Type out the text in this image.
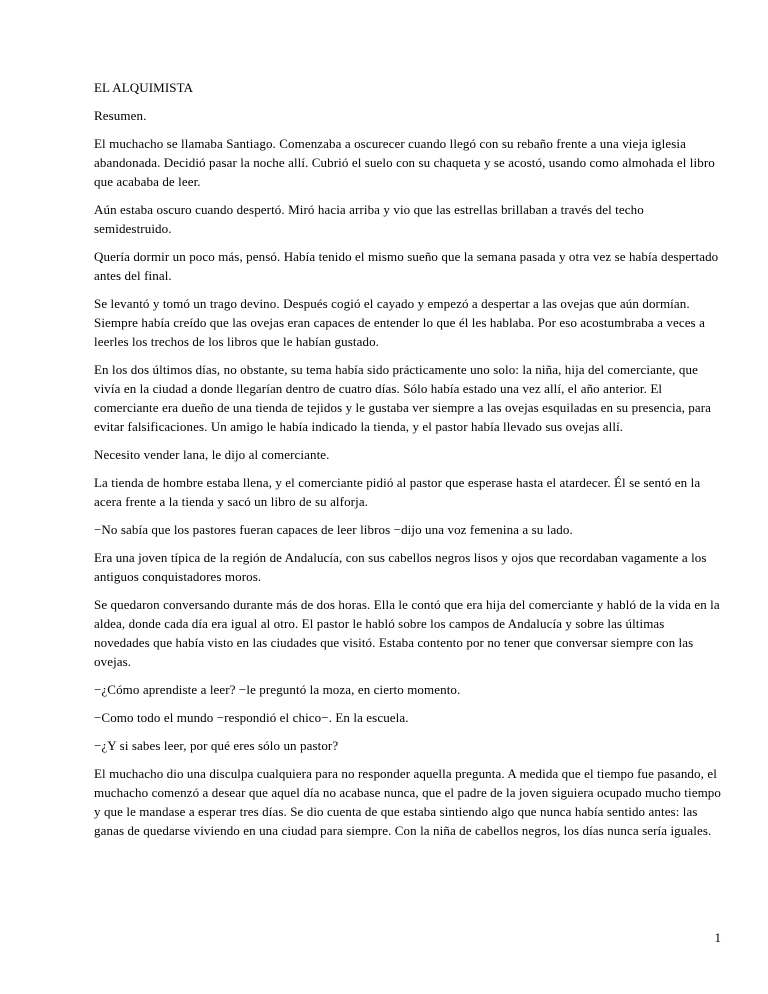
EL ALQUIMISTA

Resumen.

El muchacho se llamaba Santiago. Comenzaba a oscurecer cuando llegó con su rebaño frente a una vieja iglesia abandonada. Decidió pasar la noche allí. Cubrió el suelo con su chaqueta y se acostó, usando como almohada el libro que acababa de leer.

Aún estaba oscuro cuando despertó. Miró hacia arriba y vio que las estrellas brillaban a través del techo semidestruido.

Quería dormir un poco más, pensó. Había tenido el mismo sueño que la semana pasada y otra vez se había despertado antes del final.

Se levantó y tomó un trago devino. Después cogió el cayado y empezó a despertar a las ovejas que aún dormían. Siempre había creído que las ovejas eran capaces de entender lo que él les hablaba. Por eso acostumbraba a veces a leerles los trechos de los libros que le habían gustado.

En los dos últimos días, no obstante, su tema había sido prácticamente uno solo: la niña, hija del comerciante, que vivía en la ciudad a donde llegarían dentro de cuatro días. Sólo había estado una vez allí, el año anterior. El comerciante era dueño de una tienda de tejidos y le gustaba ver siempre a las ovejas esquiladas en su presencia, para evitar falsificaciones. Un amigo le había indicado la tienda, y el pastor había llevado sus ovejas allí.

Necesito vender lana, le dijo al comerciante.

La tienda de hombre estaba llena, y el comerciante pidió al pastor que esperase hasta el atardecer. Él se sentó en la acera frente a la tienda y sacó un libro de su alforja.

−No sabía que los pastores fueran capaces de leer libros −dijo una voz femenina a su lado.

Era una joven típica de la región de Andalucía, con sus cabellos negros lisos y ojos que recordaban vagamente a los antiguos conquistadores moros.

Se quedaron conversando durante más de dos horas. Ella le contó que era hija del comerciante y habló de la vida en la aldea, donde cada día era igual al otro. El pastor le habló sobre los campos de Andalucía y sobre las últimas novedades que había visto en las ciudades que visitó. Estaba contento por no tener que conversar siempre con las ovejas.

−¿Cómo aprendiste a leer? −le preguntó la moza, en cierto momento.

−Como todo el mundo −respondió el chico−. En la escuela.

−¿Y si sabes leer, por qué eres sólo un pastor?

El muchacho dio una disculpa cualquiera para no responder aquella pregunta. A medida que el tiempo fue pasando, el muchacho comenzó a desear que aquel día no acabase nunca, que el padre de la joven siguiera ocupado mucho tiempo y que le mandase a esperar tres días. Se dio cuenta de que estaba sintiendo algo que nunca había sentido antes: las ganas de quedarse viviendo en una ciudad para siempre. Con la niña de cabellos negros, los días nunca sería iguales.

1
